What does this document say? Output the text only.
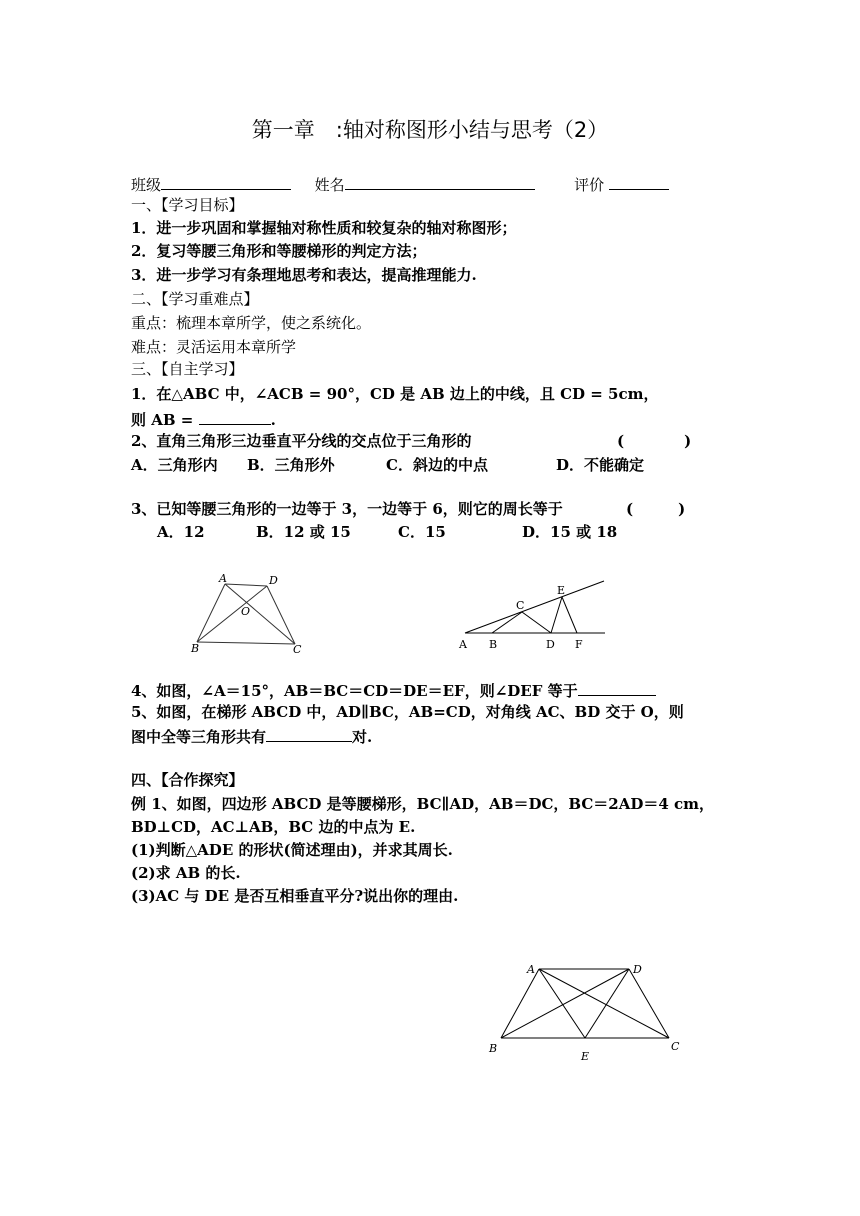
第一章　:轴对称图形小结与思考（2）
班级	姓名	评价
一、【学习目标】
1．进一步巩固和掌握轴对称性质和较复杂的轴对称图形；
2．复习等腰三角形和等腰梯形的判定方法；
3．进一步学习有条理地思考和表达，提高推理能力.
二、【学习重难点】
重点：梳理本章所学，使之系统化。
难点：灵活运用本章所学
三、【自主学习】
1．在△ABC 中，∠ACB = 90°，CD 是 AB 边上的中线，且 CD = 5cm，
则 AB =	.
2、直角三角形三边垂直平分线的交点位于三角形的	(　　　　)
A．三角形内 B．三角形外	C．斜边的中点	D．不能确定
3、已知等腰三角形的一边等于 3，一边等于 6，则它的周长等于	(　　　)
A．12	B．12 或 15	C．15	D．15 或 18
A	D
O
B	C	A B
C
D
E
F
4、如图，∠A＝15°，AB＝BC＝CD＝DE＝EF，则∠DEF 等于
5、如图，在梯形 ABCD 中，AD∥BC，AB=CD，对角线 AC、BD 交于 O，则
图中全等三角形共有	对.
四、【合作探究】
例 1、如图，四边形 ABCD 是等腰梯形，BC∥AD，AB＝DC，BC＝2AD＝4 cm，
BD⊥CD，AC⊥AB，BC 边的中点为 E.
(1)判断△ADE 的形状(简述理由)，并求其周长.
(2)求 AB 的长.
(3)AC 与 DE 是否互相垂直平分?说出你的理由.
A	D
B
E
C
